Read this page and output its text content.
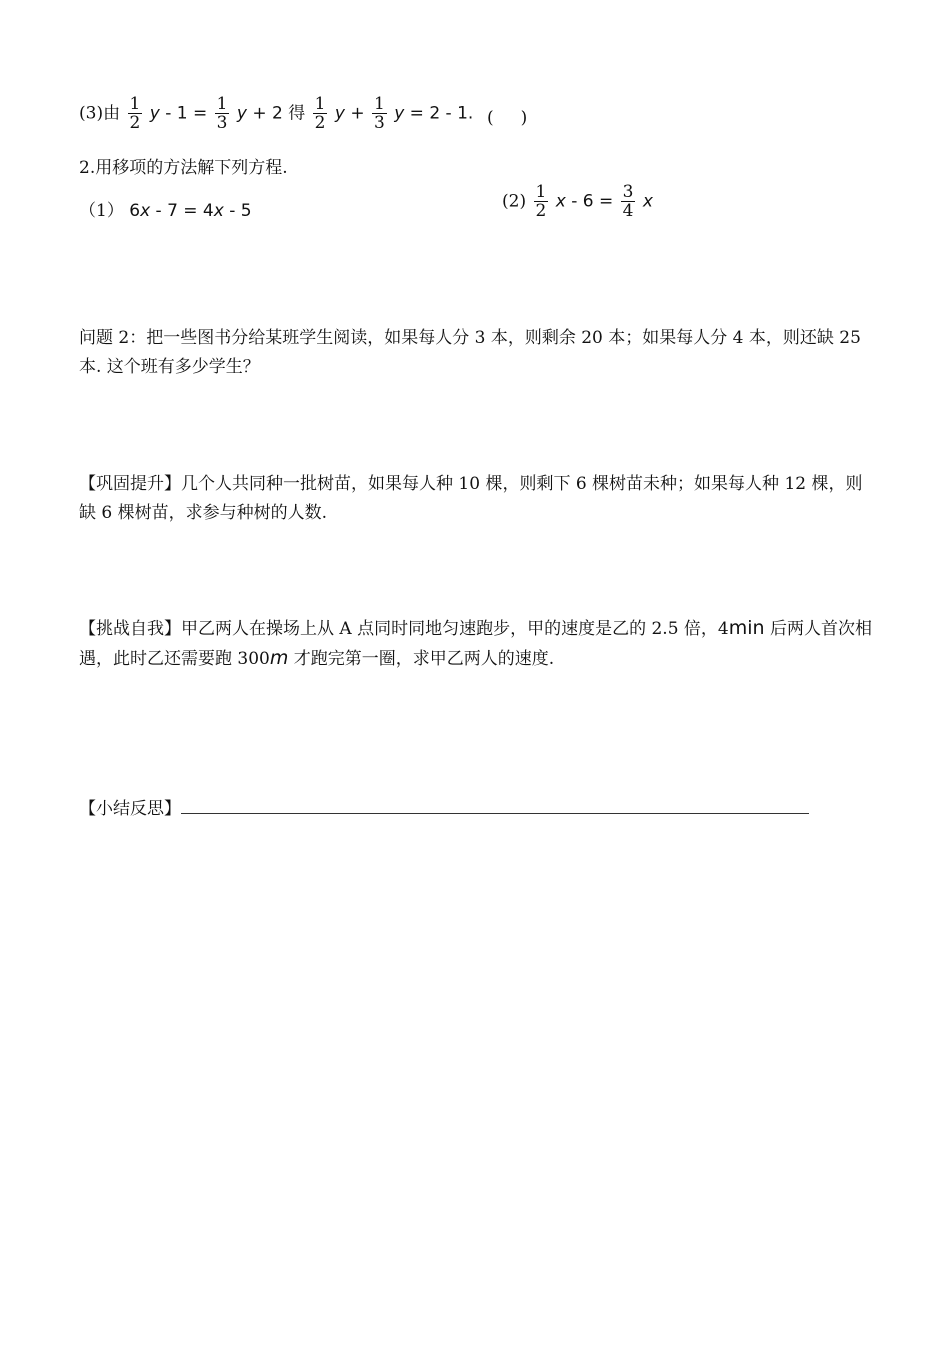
(3)由 $\frac{1}{2}$ $y - 1 = \frac{1}{3}$ y + 2 得 $\frac{1}{2}$ $y + \frac{1}{3}$ y = 2 - 1. (     )
2.用移项的方法解下列方程.
（1） 6x - 7 = 4x - 5	$(2) \frac{1}{2}$ $x - 6 = \frac{3}{4}$ x
问题 2：把一些图书分给某班学生阅读，如果每人分 3 本，则剩余 20 本；如果每人分 4 本，则还缺 25 本. 这个班有多少学生？
【巩固提升】几个人共同种一批树苗，如果每人种 10 棵，则剩下 6 棵树苗未种；如果每人种 12 棵，则缺 6 棵树苗，求参与种树的人数.
【挑战自我】甲乙两人在操场上从 A 点同时同地匀速跑步，甲的速度是乙的 2.5 倍，4min 后两人首次相遇，此时乙还需要跑 300m 才跑完第一圈，求甲乙两人的速度.
【小结反思】
